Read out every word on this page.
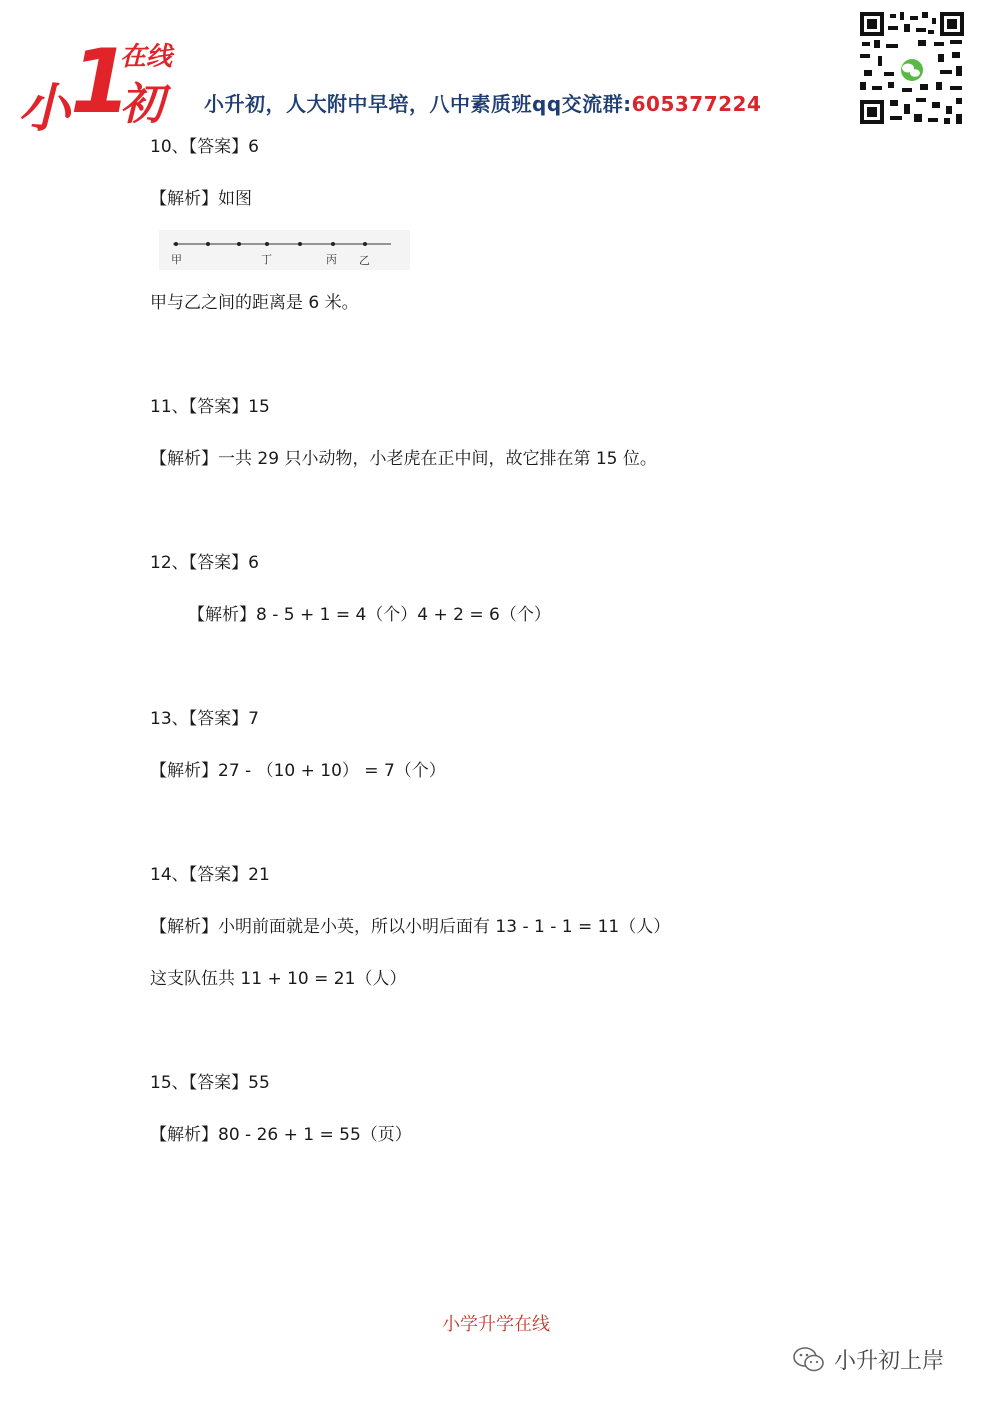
小 1
在线
初 小升初，人大附中早培，八中素质班qq交流群:605377224
10、【答案】6
【解析】如图
甲	丁	丙 乙
甲与乙之间的距离是 6 米。
11、【答案】15
【解析】一共 29 只小动物，小老虎在正中间，故它排在第 15 位。
12、【答案】6
【解析】8 - 5 + 1 = 4（个）4 + 2 = 6（个）
13、【答案】7
【解析】27 - （10 + 10） = 7（个）
14、【答案】21
【解析】小明前面就是小英，所以小明后面有 13 - 1 - 1 = 11（人）
这支队伍共 11 + 10 = 21（人）
15、【答案】55
【解析】80 - 26 + 1 = 55（页）
小学升学在线
小升初上岸
